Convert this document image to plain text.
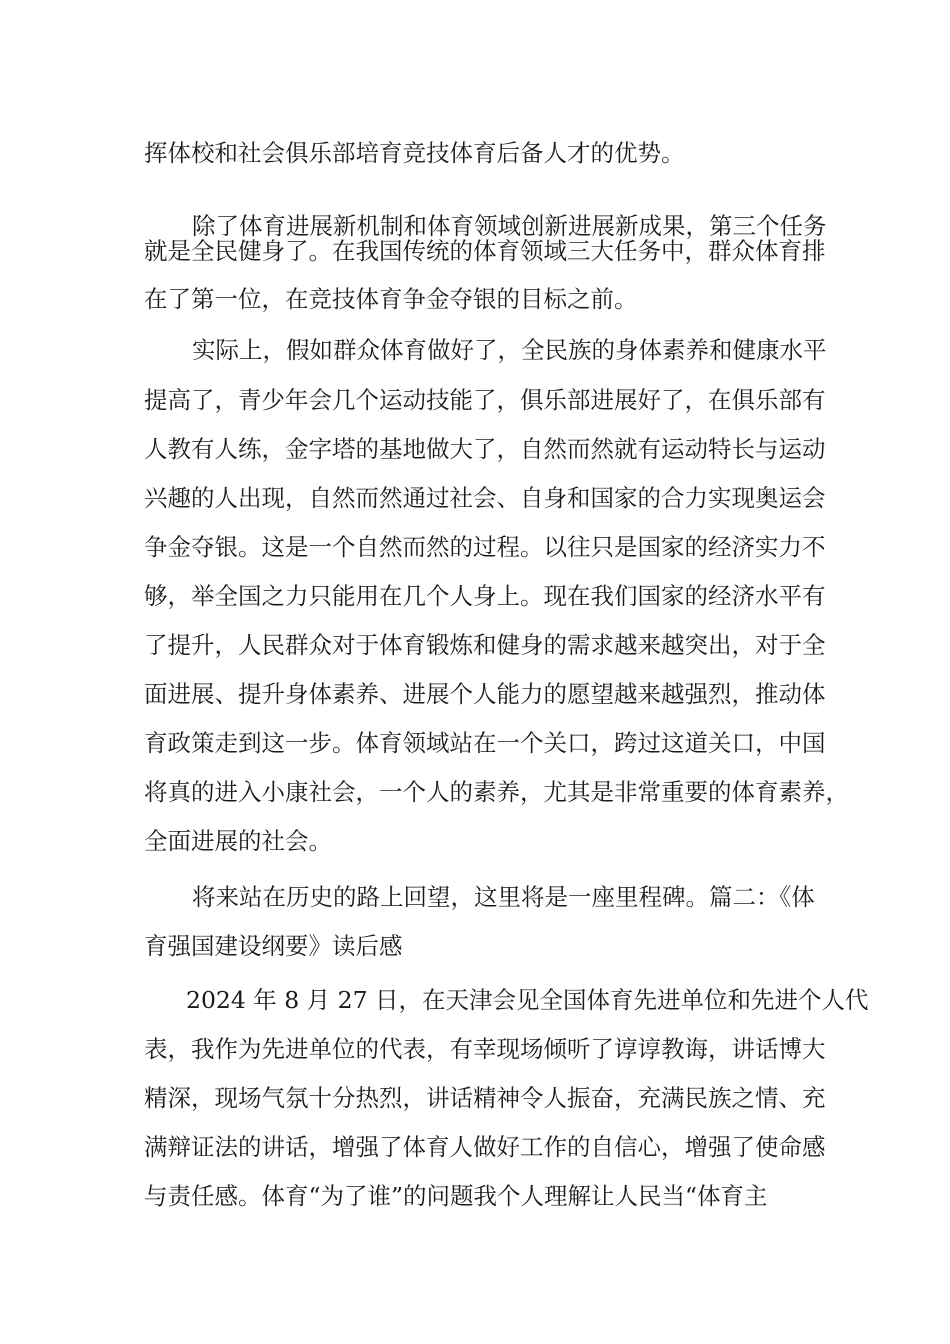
挥体校和社会俱乐部培育竞技体育后备人才的优势。

除了体育进展新机制和体育领域创新进展新成果，第三个任务

就是全民健身了。在我国传统的体育领域三大任务中，群众体育排

在了第一位，在竞技体育争金夺银的目标之前。

实际上，假如群众体育做好了，全民族的身体素养和健康水平

提高了，青少年会几个运动技能了，俱乐部进展好了，在俱乐部有

人教有人练，金字塔的基地做大了，自然而然就有运动特长与运动

兴趣的人出现，自然而然通过社会、自身和国家的合力实现奥运会

争金夺银。这是一个自然而然的过程。以往只是国家的经济实力不

够，举全国之力只能用在几个人身上。现在我们国家的经济水平有

了提升，人民群众对于体育锻炼和健身的需求越来越突出，对于全

面进展、提升身体素养、进展个人能力的愿望越来越强烈，推动体

育政策走到这一步。体育领域站在一个关口，跨过这道关口，中国

将真的进入小康社会，一个人的素养，尤其是非常重要的体育素养，

全面进展的社会。

将来站在历史的路上回望，这里将是一座里程碑。篇二：《体

育强国建设纲要》读后感

2024 年 8 月 27 日，在天津会见全国体育先进单位和先进个人代

表，我作为先进单位的代表，有幸现场倾听了谆谆教诲，讲话博大

精深，现场气氛十分热烈，讲话精神令人振奋，充满民族之情、充

满辩证法的讲话，增强了体育人做好工作的自信心，增强了使命感

与责任感。体育“为了谁”的问题我个人理解让人民当“体育主
